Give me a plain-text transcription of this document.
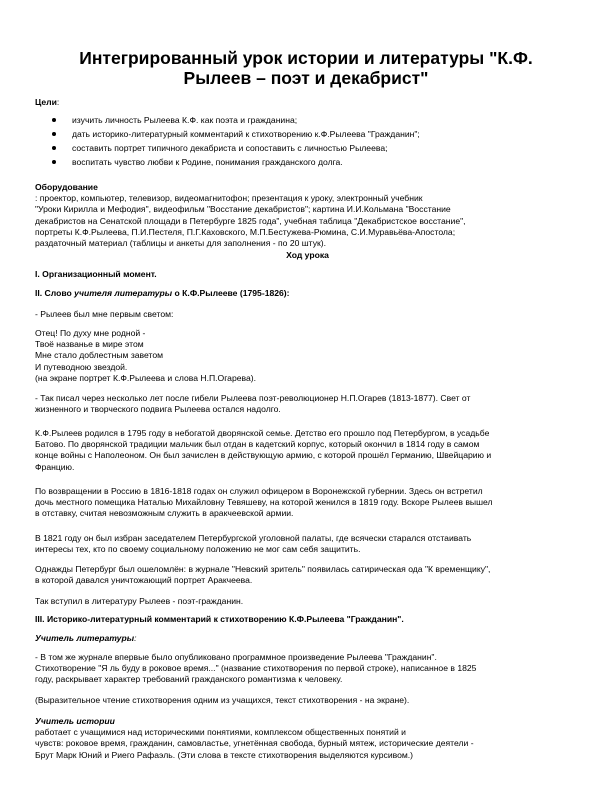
Интегрированный урок истории и литературы "К.Ф.
Рылеев – поэт и декабрист"

Цели:

изучить личность Рылеева К.Ф. как поэта и гражданина;
дать историко-литературный комментарий к стихотворению к.Ф.Рылеева "Гражданин";
составить портрет типичного декабриста и сопоставить с личностью Рылеева;
воспитать чувство любви к Родине, понимания гражданского долга.
Оборудование
: проектор, компьютер, телевизор, видеомагнитофон; презентация к уроку, электронный учебник
"Уроки Кирилла и Мефодия", видеофильм "Восстание декабристов"; картина И.И.Кольмана "Восстание
декабристов на Сенатской площади в Петербурге 1825 года", учебная таблица "Декабристское восстание",
портреты К.Ф.Рылеева, П.И.Пестеля, П.Г.Каховского, М.П.Бестужева-Рюмина, С.И.Муравьёва-Апостола;
раздаточный материал (таблицы и анкеты для заполнения - по 20 штук).

Ход урока

I. Организационный момент.

II. Слово учителя литературы о К.Ф.Рылееве (1795-1826):

- Рылеев был мне первым светом:

Отец! По духу мне родной -
Твоё названье в мире этом
Мне стало доблестным заветом
И путеводною звездой.
(на экране портрет К.Ф.Рылеева и слова Н.П.Огарева).
- Так писал через несколько лет после гибели Рылеева поэт-революционер Н.П.Огарев (1813-1877). Свет от
жизненного и творческого подвига Рылеева остался надолго.
К.Ф.Рылеев родился в 1795 году в небогатой дворянской семье. Детство его прошло под Петербургом, в усадьбе
Батово. По дворянской традиции мальчик был отдан в кадетский корпус, который окончил в 1814 году в самом
конце войны с Наполеоном. Он был зачислен в действующую армию, с которой прошёл Германию, Швейцарию и
Францию.
По возвращении в Россию в 1816-1818 годах он служил офицером в Воронежской губернии. Здесь он встретил
дочь местного помещика Наталью Михайловну Тевяшеву, на которой женился в 1819 году. Вскоре Рылеев вышел
в отставку, считая невозможным служить в аракчеевской армии.
В 1821 году он был избран заседателем Петербургской уголовной палаты, где всячески старался отстаивать
интересы тех, кто по своему социальному положению не мог сам себя защитить.
Однажды Петербург был ошеломлён: в журнале "Невский зритель" появилась сатирическая ода "К временщику",
в которой давался уничтожающий портрет Аракчеева.

Так вступил в литературу Рылеев - поэт-гражданин.

III. Историко-литературный комментарий к стихотворению К.Ф.Рылеева "Гражданин".

Учитель литературы:

- В том же журнале впервые было опубликовано программное произведение Рылеева "Гражданин".
Стихотворение "Я ль буду в роковое время..." (название стихотворения по первой строке), написанное в 1825
году, раскрывает характер требований гражданского романтизма к человеку.

(Выразительное чтение стихотворения одним из учащихся, текст стихотворения - на экране).

Учитель истории
работает с учащимися над историческими понятиями, комплексом общественных понятий и
чувств: роковое время, гражданин, самовластье, угнетённая свобода, бурный мятеж, исторические деятели -
Брут Марк Юний и Риего Рафаэль. (Эти слова в тексте стихотворения выделяются курсивом.)
